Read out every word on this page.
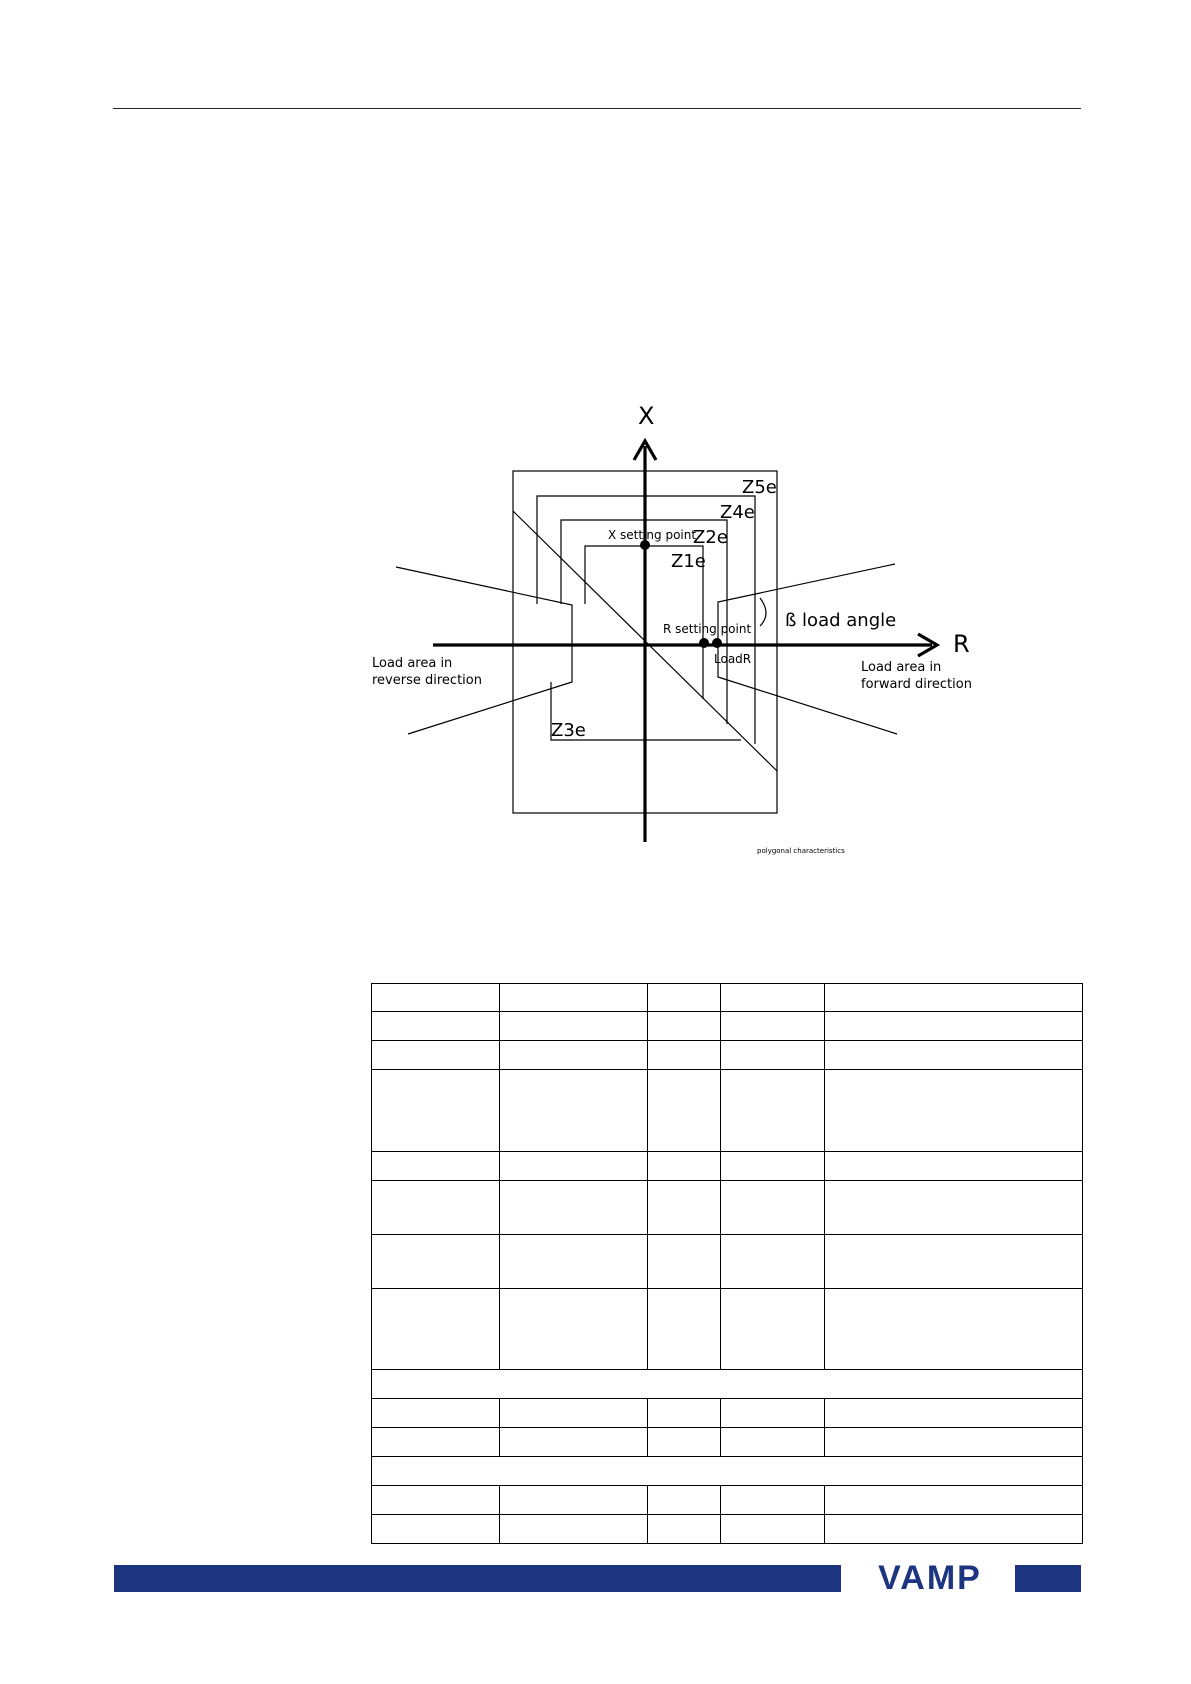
X
R
Z5e
Z4e
Z2e
Z1e
Z3e
X setting point
R setting point
LoadR
ß load angle
Load area in
reverse direction
Load area in
forward direction
polygonal characteristics

VAMP
